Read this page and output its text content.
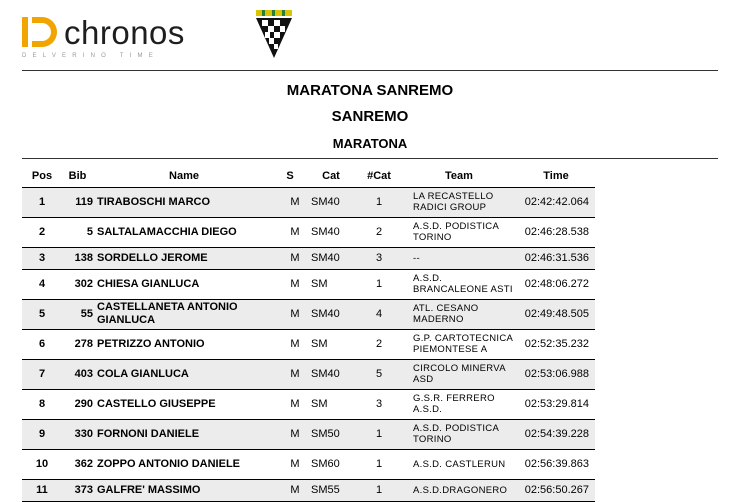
chronos
DELVERINO TIME
MARATONA SANREMO
SANREMO
MARATONA
Pos	Bib	Name	S	Cat	#Cat	Team	Time
1	119	TIRABOSCHI MARCO	M	SM40	1	LA RECASTELLO RADICI GROUP	02:42:42.064
2	5	SALTALAMACCHIA DIEGO	M	SM40	2	A.S.D. PODISTICA TORINO	02:46:28.538
3	138	SORDELLO JEROME	M	SM40	3	--	02:46:31.536
4	302	CHIESA GIANLUCA	M	SM	1	A.S.D. BRANCALEONE ASTI	02:48:06.272
5	55	CASTELLANETA ANTONIO GIANLUCA	M	SM40	4	ATL. CESANO MADERNO	02:49:48.505
6	278	PETRIZZO ANTONIO	M	SM	2	G.P. CARTOTECNICA PIEMONTESE A	02:52:35.232
7	403	COLA GIANLUCA	M	SM40	5	CIRCOLO MINERVA ASD	02:53:06.988
8	290	CASTELLO GIUSEPPE	M	SM	3	G.S.R. FERRERO A.S.D.	02:53:29.814
9	330	FORNONI DANIELE	M	SM50	1	A.S.D. PODISTICA TORINO	02:54:39.228
10	362	ZOPPO ANTONIO DANIELE	M	SM60	1	A.S.D. CASTLERUN	02:56:39.863
11	373	GALFRE' MASSIMO	M	SM55	1	A.S.D.DRAGONERO	02:56:50.267
